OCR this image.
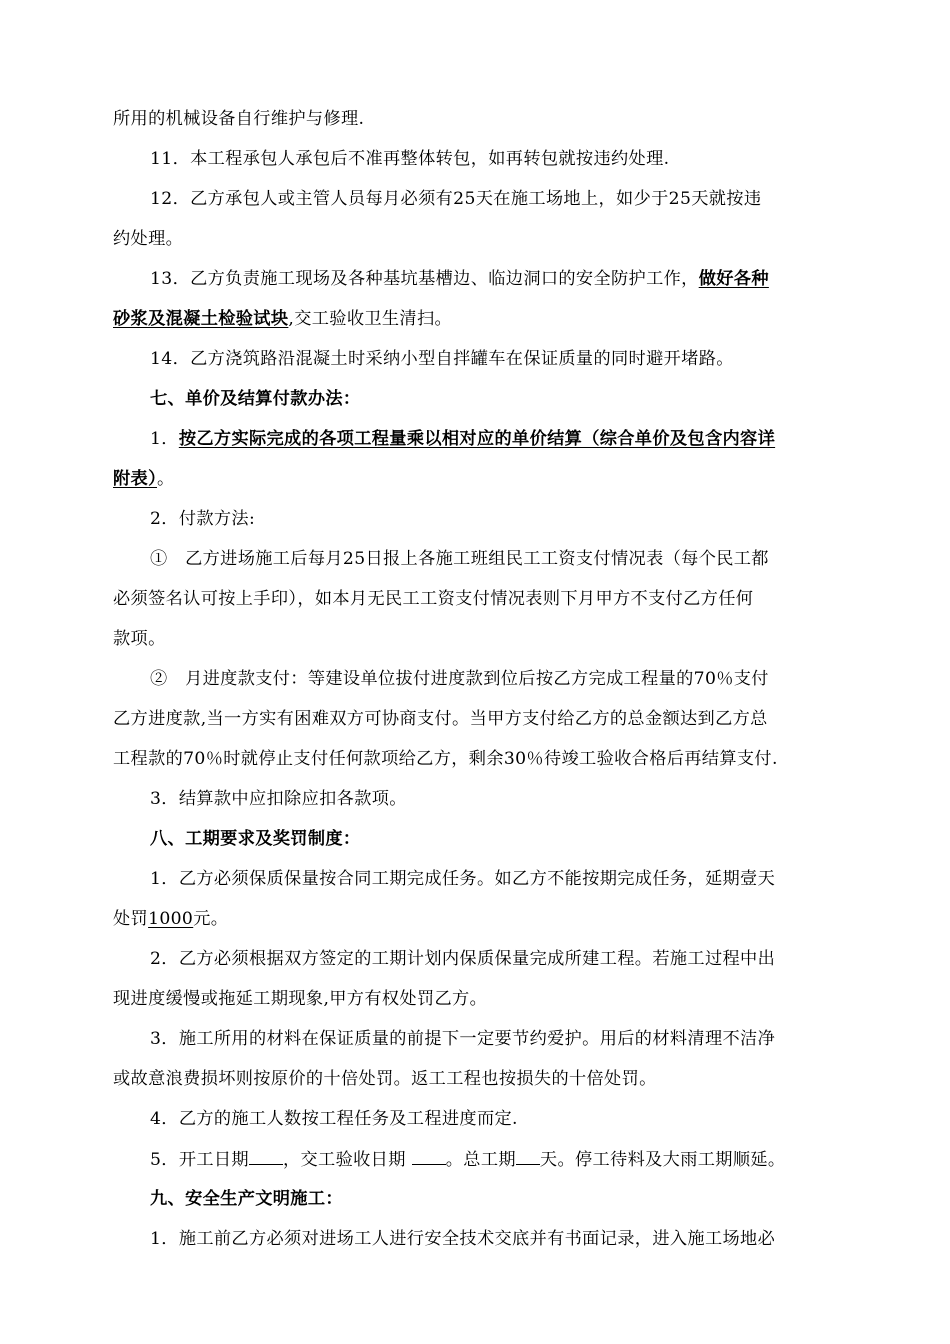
所用的机械设备自行维护与修理.
11．本工程承包人承包后不准再整体转包，如再转包就按违约处理.
12．乙方承包人或主管人员每月必须有25天在施工场地上，如少于25天就按违
约处理。
13．乙方负责施工现场及各种基坑基槽边、临边洞口的安全防护工作，做好各种
砂浆及混凝土检验试块,交工验收卫生清扫。
14．乙方浇筑路沿混凝土时采纳小型自拌罐车在保证质量的同时避开堵路。
七、单价及结算付款办法：
1．按乙方实际完成的各项工程量乘以相对应的单价结算（综合单价及包含内容详
附表）。
2．付款方法:
①　乙方进场施工后每月25日报上各施工班组民工工资支付情况表（每个民工都
必须签名认可按上手印），如本月无民工工资支付情况表则下月甲方不支付乙方任何
款项。
②　月进度款支付：等建设单位拔付进度款到位后按乙方完成工程量的70％支付
乙方进度款,当一方实有困难双方可协商支付。当甲方支付给乙方的总金额达到乙方总
工程款的70％时就停止支付任何款项给乙方，剩余30％待竣工验收合格后再结算支付.
3．结算款中应扣除应扣各款项。
八、工期要求及奖罚制度：
1．乙方必须保质保量按合同工期完成任务。如乙方不能按期完成任务，延期壹天
处罚1000元。
2．乙方必须根据双方签定的工期计划内保质保量完成所建工程。若施工过程中出
现进度缓慢或拖延工期现象,甲方有权处罚乙方。
3．施工所用的材料在保证质量的前提下一定要节约爱护。用后的材料清理不洁净
或故意浪费损坏则按原价的十倍处罚。返工工程也按损失的十倍处罚。
4．乙方的施工人数按工程任务及工程进度而定.
5．开工日期 ，交工验收日期 。总工期 天。停工待料及大雨工期顺延。
九、安全生产文明施工：
1．施工前乙方必须对进场工人进行安全技术交底并有书面记录，进入施工场地必
